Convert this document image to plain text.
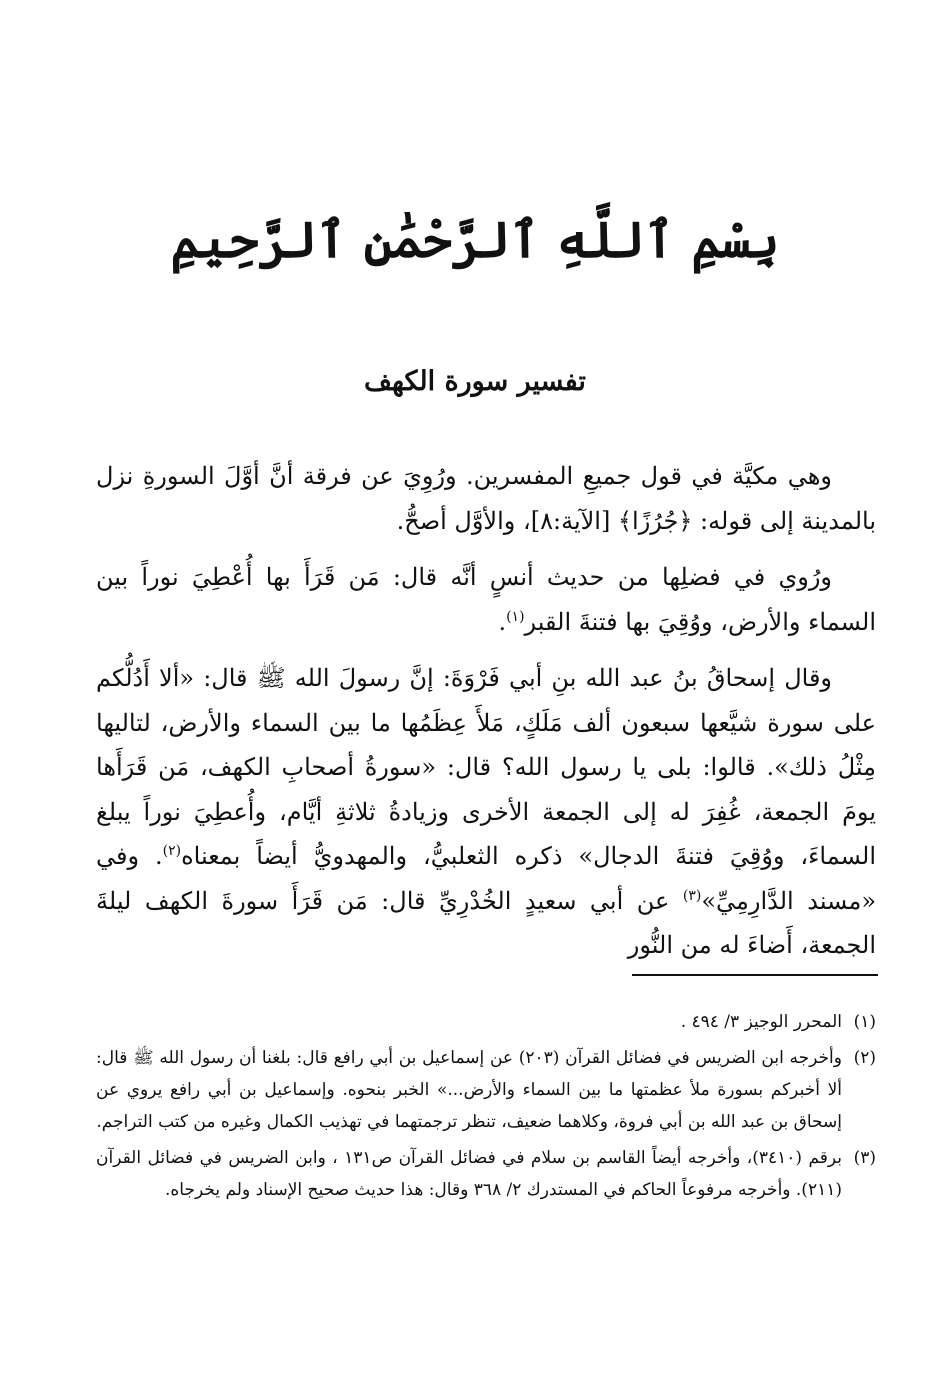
بِسْمِ ٱللَّهِ ٱلرَّحْمَٰنِ ٱلرَّحِيمِ
تفسير سورة الكهف

وهي مكيَّة في قول جميعِ المفسرين. ورُوِيَ عن فرقة أنَّ أوَّلَ السورةِ نزل بالمدينة إلى قوله: ﴿جُرُزًا﴾ [الآية:٨]، والأوَّل أصحُّ.

ورُوي في فضلِها من حديث أنسٍ أنَّه قال: مَن قَرَأَ بها أُعْطِيَ نوراً بين السماء والأرض، ووُقِيَ بها فتنةَ القبر$^{(١)}$.

وقال إسحاقُ بنُ عبد الله بنِ أبي فَرْوَةَ: إنَّ رسولَ الله ﷺ قال: «ألا أَدُلُّكم على سورة شيَّعها سبعون ألف مَلَكٍ، مَلأَ عِظَمُها ما بين السماء والأرض، لتاليها مِثْلُ ذلك». قالوا: بلى يا رسول الله؟ قال: «سورةُ أصحابِ الكهف، مَن قَرَأَها يومَ الجمعة، غُفِرَ له إلى الجمعة الأخرى وزيادةُ ثلاثةِ أيَّام، وأُعطِيَ نوراً يبلغ السماءَ، ووُقِيَ فتنةَ الدجال» ذكره الثعلبيُّ، والمهدويُّ أيضاً بمعناه$^{(٢)}$. وفي «مسند الدَّارِمِيِّ»$^{(٣)}$ عن أبي سعيدٍ الخُدْرِيِّ قال: مَن قَرَأَ سورةَ الكهف ليلةَ الجمعة، أَضاءَ له من النُّور

(١)
المحرر الوجيز ٣/ ٤٩٤ .
(٢)
وأخرجه ابن الضريس في فضائل القرآن (٢٠٣) عن إسماعيل بن أبي رافع قال: بلغنا أن رسول الله ﷺ قال: ألا أخبركم بسورة ملأ عظمتها ما بين السماء والأرض...» الخبر بنحوه. وإسماعيل بن أبي رافع يروي عن إسحاق بن عبد الله بن أبي فروة، وكلاهما ضعيف، تنظر ترجمتهما في تهذيب الكمال وغيره من كتب التراجم.
(٣)
برقم (٣٤١٠)، وأخرجه أيضاً القاسم بن سلام في فضائل القرآن ص١٣١ ، وابن الضريس في فضائل القرآن (٢١١). وأخرجه مرفوعاً الحاكم في المستدرك ٢/ ٣٦٨ وقال: هذا حديث صحيح الإسناد ولم يخرجاه.
